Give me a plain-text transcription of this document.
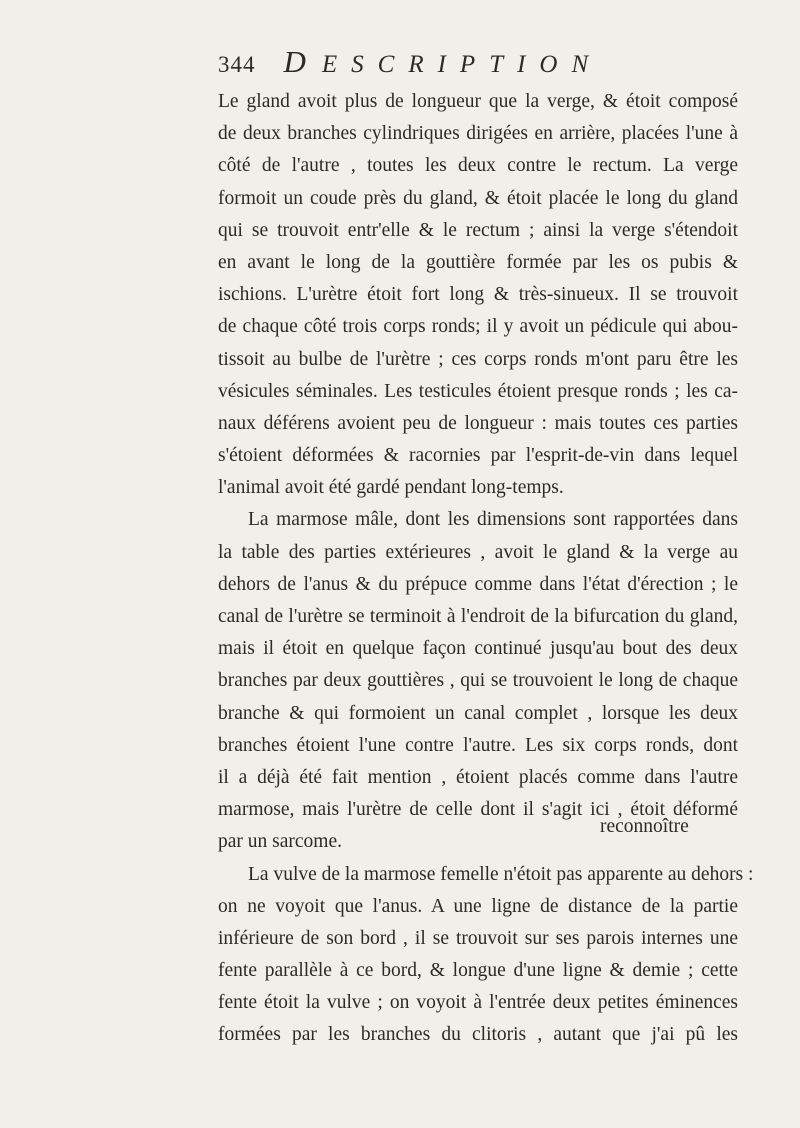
344 DESCRIPTION
Le gland avoit plus de longueur que la verge, & étoit composé
de deux branches cylindriques dirigées en arrière, placées l'une à
côté de l'autre , toutes les deux contre le rectum. La verge
formoit un coude près du gland, & étoit placée le long du gland
qui se trouvoit entr'elle & le rectum ; ainsi la verge s'étendoit
en avant le long de la gouttière formée par les os pubis &
ischions. L'urètre étoit fort long & très-sinueux. Il se trouvoit
de chaque côté trois corps ronds; il y avoit un pédicule qui abou-
tissoit au bulbe de l'urètre ; ces corps ronds m'ont paru être les
vésicules séminales. Les testicules étoient presque ronds ; les ca-
naux déférens avoient peu de longueur : mais toutes ces parties
s'étoient déformées & racornies par l'esprit-de-vin dans lequel
l'animal avoit été gardé pendant long-temps.
La marmose mâle, dont les dimensions sont rapportées dans
la table des parties extérieures , avoit le gland & la verge au
dehors de l'anus & du prépuce comme dans l'état d'érection ; le
canal de l'urètre se terminoit à l'endroit de la bifurcation du gland,
mais il étoit en quelque façon continué jusqu'au bout des deux
branches par deux gouttières , qui se trouvoient le long de chaque
branche & qui formoient un canal complet , lorsque les deux
branches étoient l'une contre l'autre. Les six corps ronds, dont
il a déjà été fait mention , étoient placés comme dans l'autre
marmose, mais l'urètre de celle dont il s'agit ici , étoit déformé
par un sarcome.
La vulve de la marmose femelle n'étoit pas apparente au dehors :
on ne voyoit que l'anus. A une ligne de distance de la partie
inférieure de son bord , il se trouvoit sur ses parois internes une
fente parallèle à ce bord, & longue d'une ligne & demie ; cette
fente étoit la vulve ; on voyoit à l'entrée deux petites éminences
formées par les branches du clitoris , autant que j'ai pû les
reconnoître
